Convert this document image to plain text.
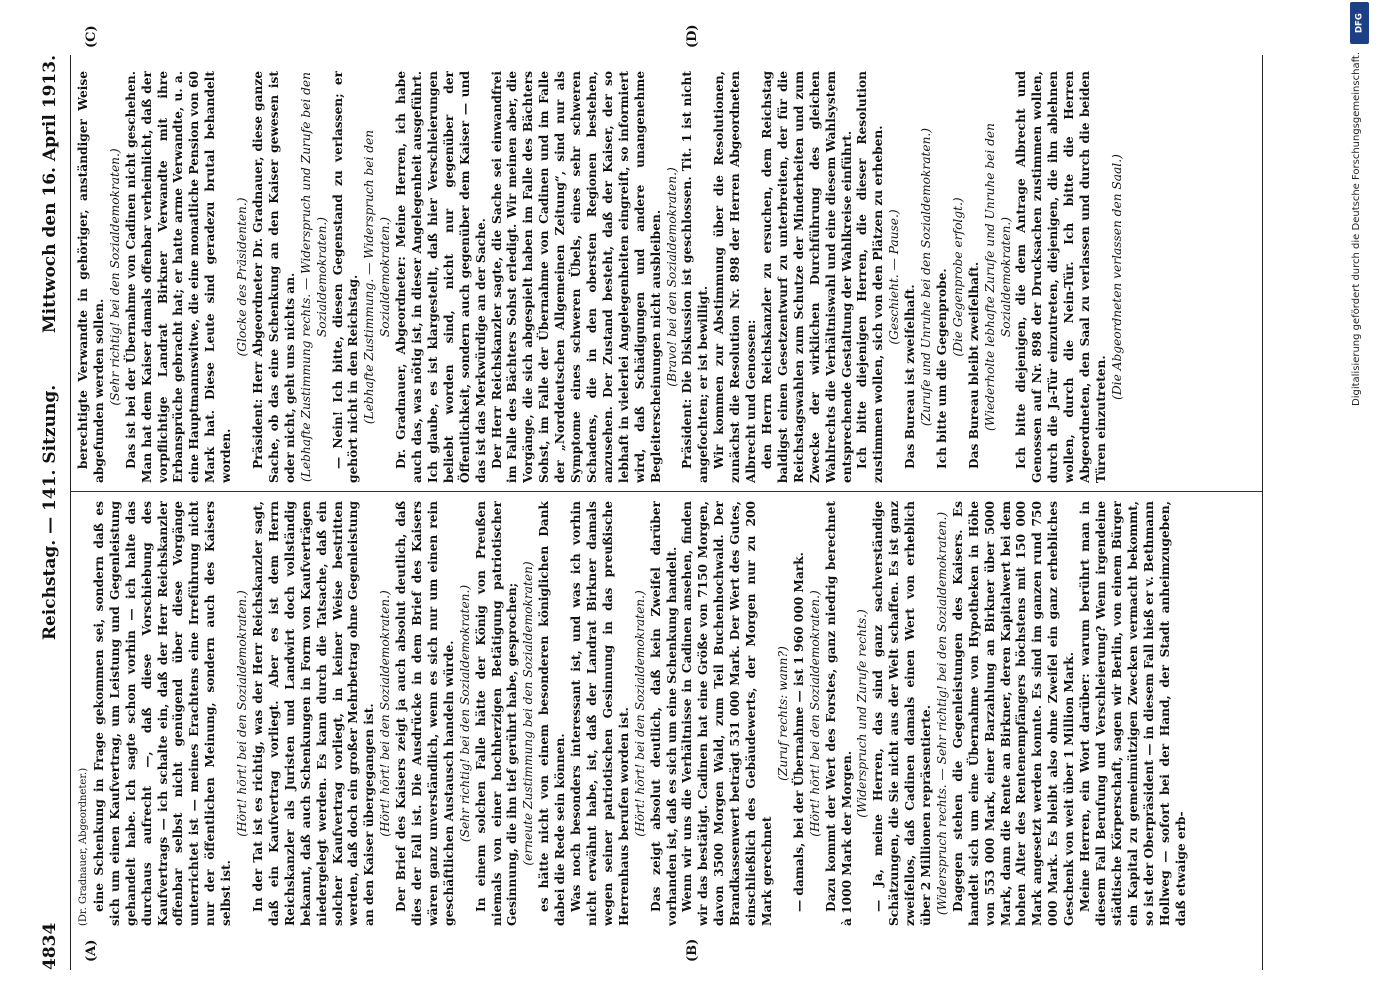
4834
Reichstag. — 141. Sitzung.
Mittwoch den 16. April 1913.
(A)	(B)
(C)	(D)

(Dr. Gradnauer, Abgeordneter.) eine Schenkung in Frage gekommen sei, sondern daß es sich um einen Kaufvertrag, um Leistung und Gegenleistung gehandelt habe. Ich sagte schon vorhin — ich halte das durchaus aufrecht —, daß diese Vorschiebung des Kaufvertrags — ich schalte ein, daß der Herr Reichskanzler offenbar selbst nicht genügend über diese Vorgänge unterrichtet ist — meines Erachtens eine Irreführung nicht nur der öffentlichen Meinung, sondern auch des Kaisers selbst ist.

(Hört! hört! bei den Sozialdemokraten.) In der Tat ist es richtig, was der Herr Reichskanzler sagt, daß ein Kaufvertrag vorliegt. Aber es ist dem Herrn Reichskanzler als Juristen und Landwirt doch vollständig bekannt, daß auch Schenkungen in Form von Kaufverträgen niedergelegt werden. Es kann durch die Tatsache, daß ein solcher Kaufvertrag vorliegt, in keiner Weise bestritten werden, daß doch ein großer Mehrbetrag ohne Gegenleistung an den Kaiser übergegangen ist. (Hört! hört! bei den Sozialdemokraten.) Der Brief des Kaisers zeigt ja auch absolut deutlich, daß dies der Fall ist. Die Ausdrücke in dem Brief des Kaisers wären ganz unverständlich, wenn es sich nur um einen rein geschäftlichen Austausch handeln würde. (Sehr richtig! bei den Sozialdemokraten.) In einem solchen Falle hätte der König von Preußen niemals von einer hochherzigen Betätigung patriotischer Gesinnung, die ihn tief gerührt habe, gesprochen; (erneute Zustimmung bei den Sozialdemokraten) es hätte nicht von einem besonderen königlichen Dank dabei die Rede sein können. Was noch besonders interessant ist, und was ich vorhin nicht erwähnt habe, ist, daß der Landrat Birkner damals wegen seiner patriotischen Gesinnung in das preußische Herrenhaus berufen worden ist. (Hört! hört! bei den Sozialdemokraten.) Das zeigt absolut deutlich, daß kein Zweifel darüber vorhanden ist, daß es sich um eine Schenkung handelt. Wenn wir uns die Verhältnisse in Cadinen ansehen, finden wir das bestätigt. Cadinen hat eine Größe von 7150 Morgen, davon 3500 Morgen Wald, zum Teil Buchenhochwald. Der Brandkassenwert beträgt 531 000 Mark. Der Wert des Gutes, einschließlich des Gebäudewerts, der Morgen nur zu 200 Mark gerechnet

(Zuruf rechts: wann?) — damals, bei der Übernahme — ist 1 960 000 Mark. (Hört! hört! bei den Sozialdemokraten.) Dazu kommt der Wert des Forstes, ganz niedrig berechnet à 1000 Mark der Morgen.

(Widerspruch und Zurufe rechts.) — Ja, meine Herren, das sind ganz sachverständige Schätzungen, die Sie nicht aus der Welt schaffen. Es ist ganz zweifellos, daß Cadinen damals einen Wert von erheblich über 2 Millionen repräsentierte. (Widerspruch rechts. — Sehr richtig! bei den Sozialdemokraten.) Dagegen stehen die Gegenleistungen des Kaisers. Es handelt sich um eine Übernahme von Hypotheken in Höhe von 553 000 Mark, einer Barzahlung an Birkner über 5000 Mark, dann die Rente an Birkner, deren Kapitalwert bei dem hohen Alter des Rentenempfängers höchstens mit 150 000 Mark angesetzt werden konnte. Es sind im ganzen rund 750 000 Mark. Es bleibt also ohne Zweifel ein ganz erhebliches Geschenk von weit über 1 Million Mark. Meine Herren, ein Wort darüber: warum berührt man in diesem Fall Berufung und Verschleierung? Wenn irgendeine städtische Körperschaft, sagen wir Berlin, von einem Bürger ein Kapital zu gemeinnützigen Zwecken vermacht bekommt, so ist der Oberpräsident — in diesem Fall hieß er v. Bethmann Hollweg — sofort bei der Hand, der Stadt anheimzugeben, daß etwaige erb-

berechtigte Verwandte in gehöriger, anständiger Weise abgefunden werden sollen. (Sehr richtig! bei den Sozialdemokraten.) Das ist bei der Übernahme von Cadinen nicht geschehen. Man hat dem Kaiser damals offenbar verheimlicht, daß der vorpflichtige Landrat Birkner Verwandte mit ihre Erbansprüche gebracht hat; er hatte arme Verwandte, u. a. eine Hauptmannswitwe, die eine monatliche Pension von 60 Mark hat. Diese Leute sind geradezu brutal behandelt worden.

(Glocke des Präsidenten.) Präsident: Herr Abgeordneter Dr. Gradnauer, diese ganze Sache, ob das eine Schenkung an den Kaiser gewesen ist oder nicht, geht uns nichts an. (Lebhafte Zustimmung rechts. — Widerspruch und Zurufe bei den Sozialdemokraten.) — Nein! Ich bitte, diesen Gegenstand zu verlassen; er gehört nicht in den Reichstag. (Lebhafte Zustimmung. — Widerspruch bei den Sozialdemokraten.) Dr. Gradnauer, Abgeordneter: Meine Herren, ich habe auch das, was nötig ist, in dieser Angelegenheit ausgeführt. Ich glaube, es ist klargestellt, daß hier Verschleierungen beliebt worden sind, nicht nur gegenüber der Öffentlichkeit, sondern auch gegenüber dem Kaiser — und das ist das Merkwürdige an der Sache. Der Herr Reichskanzler sagte, die Sache sei einwandfrei im Falle des Bächters Sohst erledigt. Wir meinen aber, die Vorgänge, die sich abgespielt haben im Falle des Bächters Sohst, im Falle der Übernahme von Cadinen und im Falle der „Norddeutschen Allgemeinen Zeitung“, sind nur als Symptome eines schweren Übels, eines sehr schweren Schadens, die in den obersten Regionen bestehen, anzusehen. Der Zustand besteht, daß der Kaiser, der so lebhaft in vielerlei Angelegenheiten eingreift, so informiert wird, daß Schädigungen und andere unangenehme Begleiterscheinungen nicht ausbleiben. (Bravo! bei den Sozialdemokraten.) Präsident: Die Diskussion ist geschlossen. Tit. 1 ist nicht angefochten; er ist bewilligt. Wir kommen zur Abstimmung über die Resolutionen, zunächst die Resolution Nr. 898 der Herren Abgeordneten Albrecht und Genossen: den Herrn Reichskanzler zu ersuchen, dem Reichstag baldigst einen Gesetzentwurf zu unterbreiten, der für die Reichstagswahlen zum Schutze der Minderheiten und zum Zwecke der wirklichen Durchführung des gleichen Wahlrechts die Verhältniswahl und eine diesem Wahlsystem entsprechende Gestaltung der Wahlkreise einführt. Ich bitte diejenigen Herren, die dieser Resolution zustimmen wollen, sich von den Plätzen zu erheben. (Geschieht. — Pause.)

Das Bureau ist zweifelhaft. (Zurufe und Unruhe bei den Sozialdemokraten.) Ich bitte um die Gegenprobe. (Die Gegenprobe erfolgt.) Das Bureau bleibt zweifelhaft. (Wiederholte lebhafte Zurufe und Unruhe bei den Sozialdemokraten.) Ich bitte diejenigen, die dem Antrage Albrecht und Genossen auf Nr. 898 der Drucksachen zustimmen wollen, durch die Ja-Tür einzutreten, diejenigen, die ihn ablehnen wollen, durch die Nein-Tür. Ich bitte die Herren Abgeordneten, den Saal zu verlassen und durch die beiden Türen einzutreten.

(Die Abgeordneten verlassen den Saal.)

DFG
Digitalisierung gefördert durch die Deutsche Forschungsgemeinschaft.
